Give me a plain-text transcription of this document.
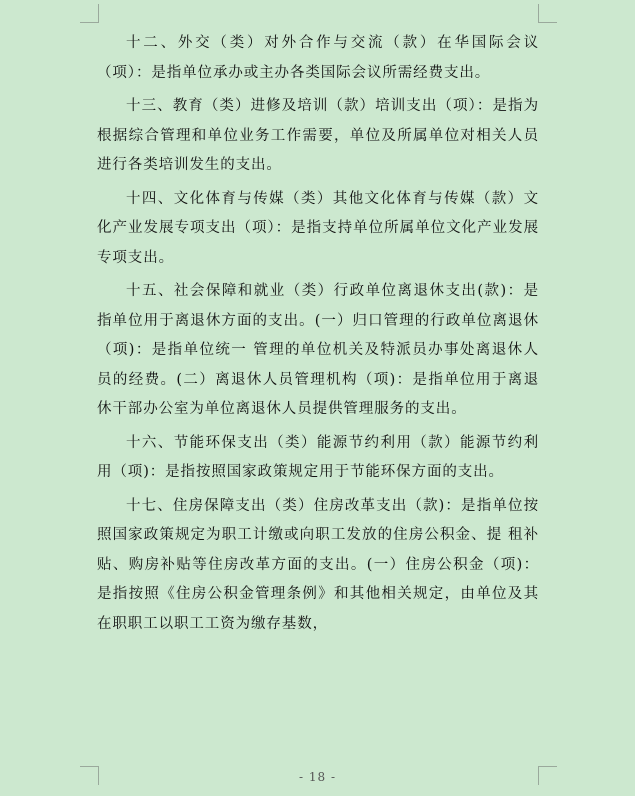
十二、外交（类）对外合作与交流（款）在华国际会议（项）：是指单位承办或主办各类国际会议所需经费支出。

十三、教育（类）进修及培训（款）培训支出（项）：是指为根据综合管理和单位业务工作需要，单位及所属单位对相关人员进行各类培训发生的支出。

十四、文化体育与传媒（类）其他文化体育与传媒（款）文化产业发展专项支出（项）：是指支持单位所属单位文化产业发展专项支出。

十五、社会保障和就业（类）行政单位离退休支出(款)：是指单位用于离退休方面的支出。(一）归口管理的行政单位离退休（项)：是指单位统一 管理的单位机关及特派员办事处离退休人员的经费。(二）离退休人员管理机构（项)：是指单位用于离退休干部办公室为单位离退休人员提供管理服务的支出。

十六、节能环保支出（类）能源节约利用（款）能源节约利 用（项)：是指按照国家政策规定用于节能环保方面的支出。

十七、住房保障支出（类）住房改革支出（款)：是指单位按照国家政策规定为职工计缴或向职工发放的住房公积金、提 租补贴、购房补贴等住房改革方面的支出。(一）住房公积金（项)：是指按照《住房公积金管理条例》和其他相关规定，由单位及其在职职工以职工工资为缴存基数，

- 18 -
